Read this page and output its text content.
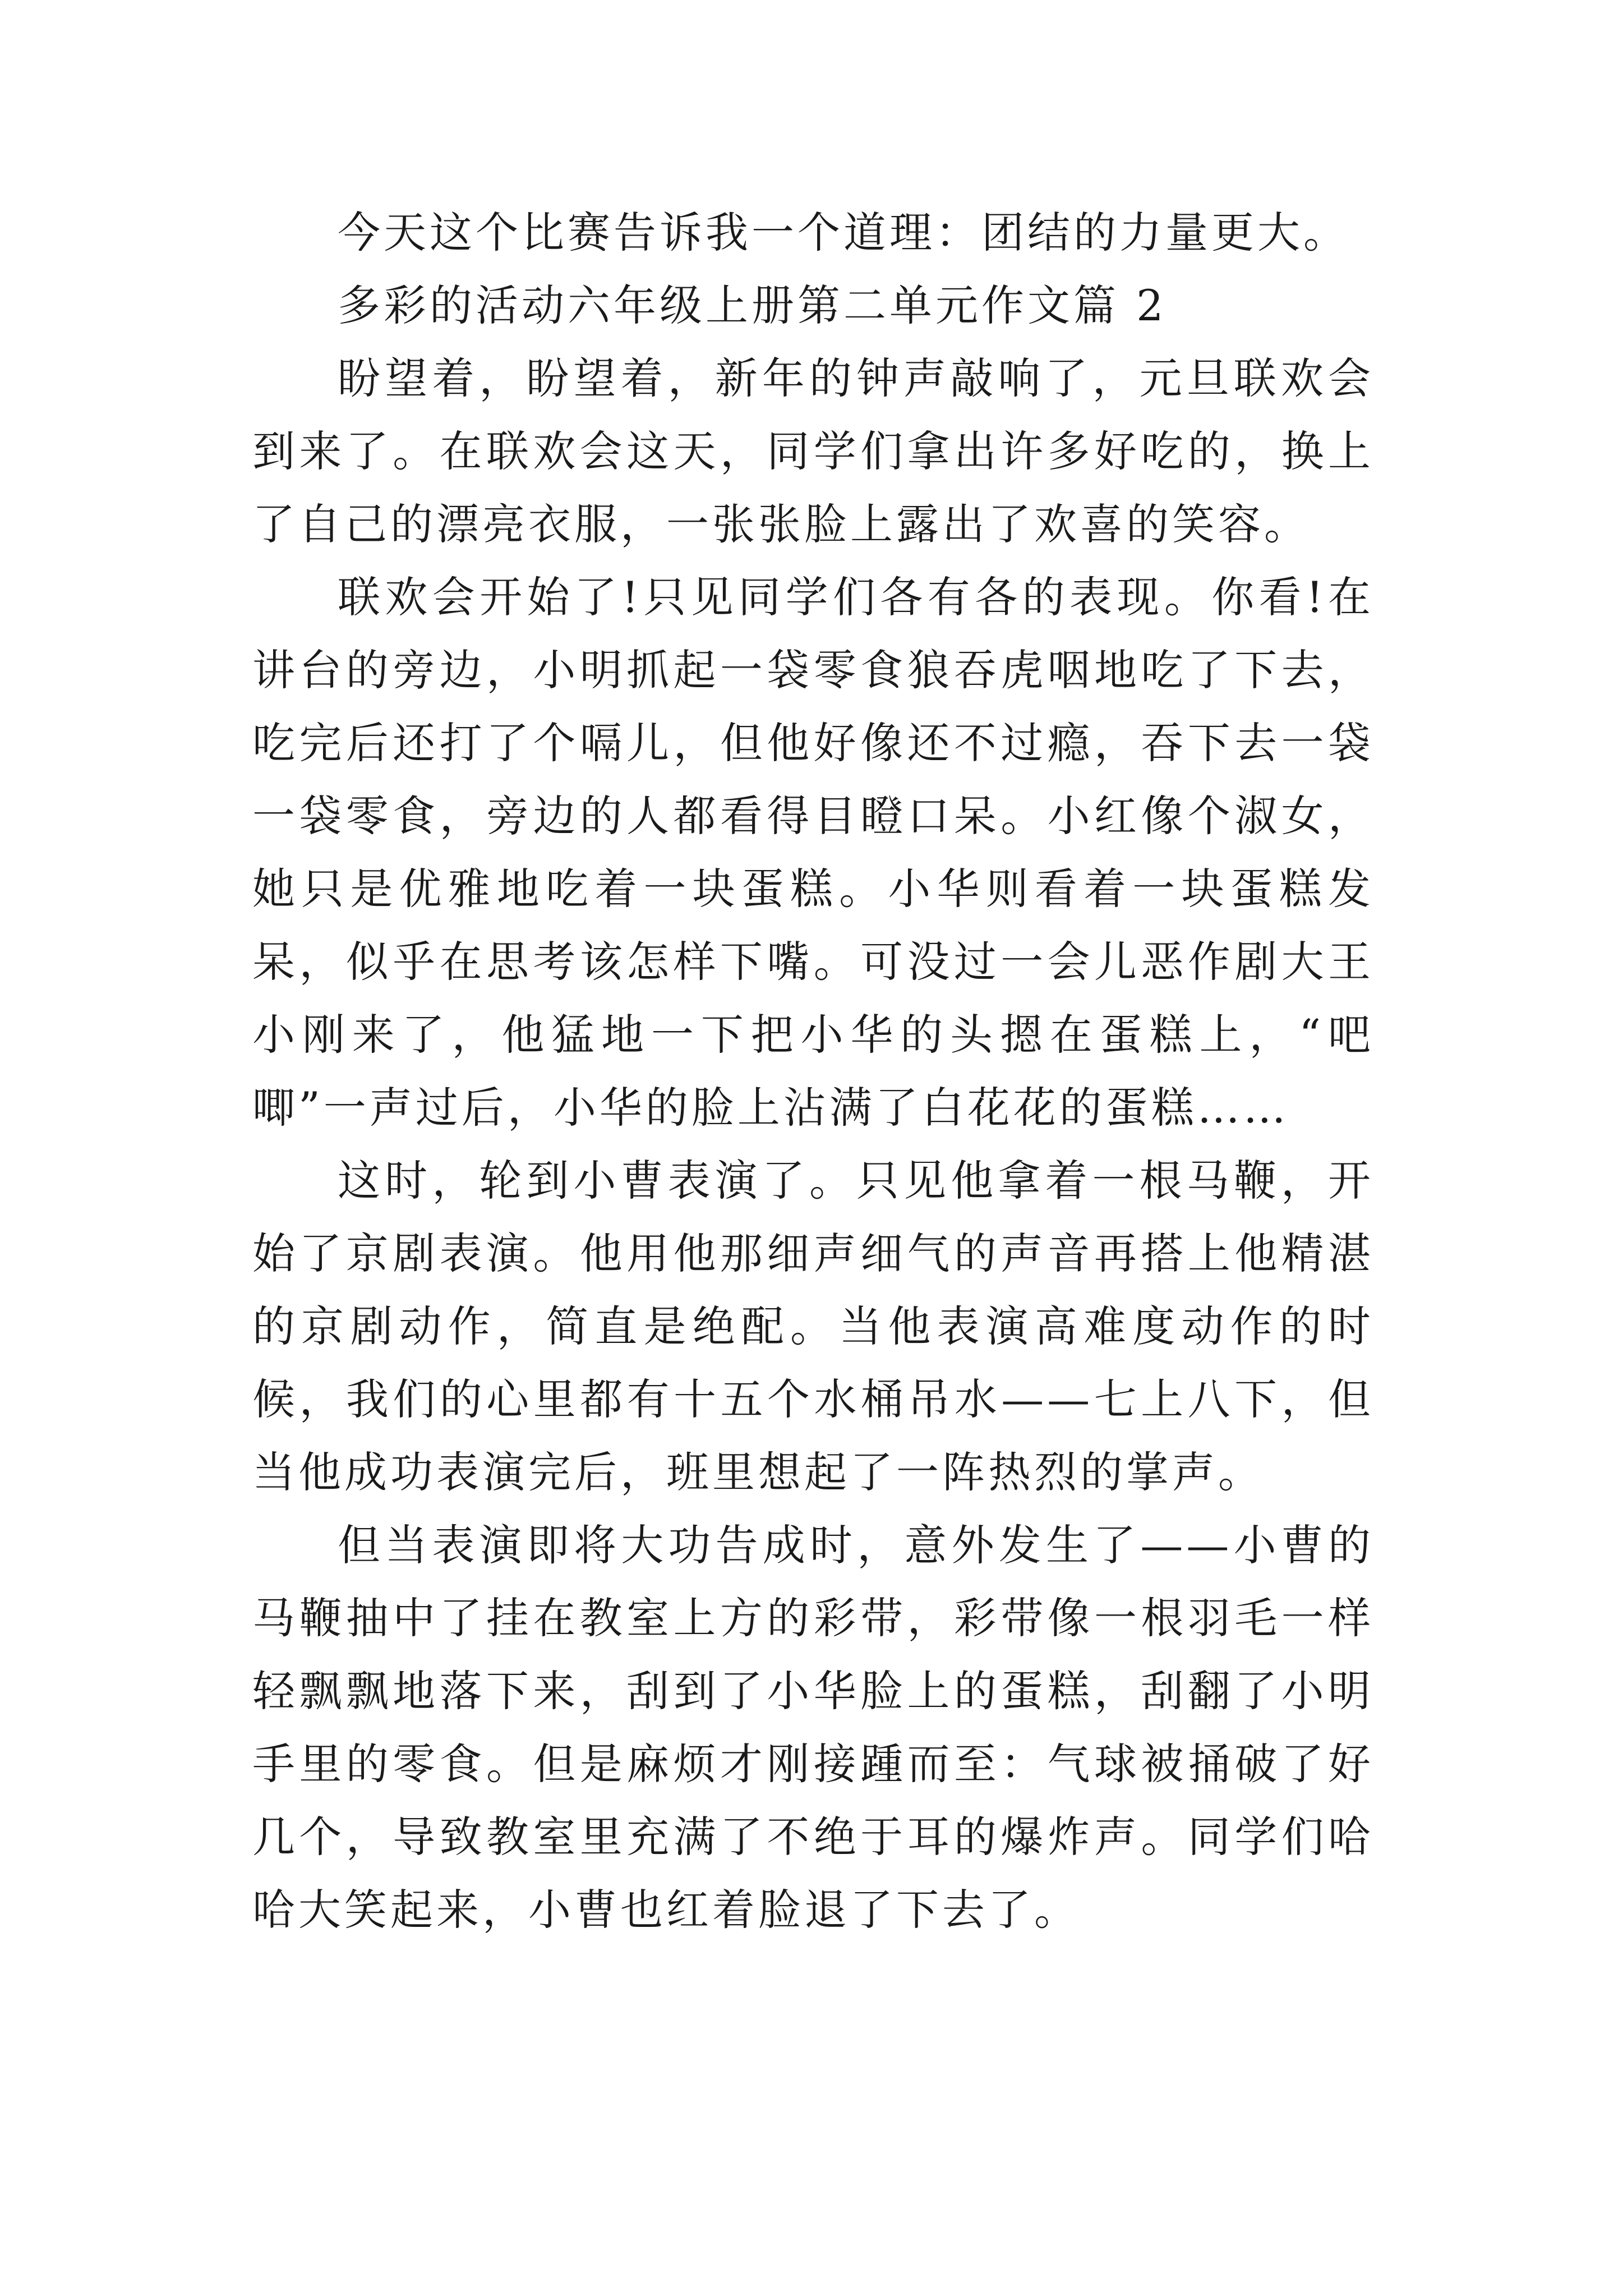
今天这个比赛告诉我一个道理：团结的力量更大。

多彩的活动六年级上册第二单元作文篇 2

盼望着，盼望着，新年的钟声敲响了，元旦联欢会到来了。在联欢会这天，同学们拿出许多好吃的，换上了自己的漂亮衣服，一张张脸上露出了欢喜的笑容。

联欢会开始了!只见同学们各有各的表现。你看!在讲台的旁边，小明抓起一袋零食狼吞虎咽地吃了下去，吃完后还打了个嗝儿，但他好像还不过瘾，吞下去一袋一袋零食，旁边的人都看得目瞪口呆。小红像个淑女，她只是优雅地吃着一块蛋糕。小华则看着一块蛋糕发呆，似乎在思考该怎样下嘴。可没过一会儿恶作剧大王小刚来了，他猛地一下把小华的头摁在蛋糕上，“吧唧”一声过后，小华的脸上沾满了白花花的蛋糕……

这时，轮到小曹表演了。只见他拿着一根马鞭，开始了京剧表演。他用他那细声细气的声音再搭上他精湛的京剧动作，简直是绝配。当他表演高难度动作的时候，我们的心里都有十五个水桶吊水——七上八下，但当他成功表演完后，班里想起了一阵热烈的掌声。

但当表演即将大功告成时，意外发生了——小曹的马鞭抽中了挂在教室上方的彩带，彩带像一根羽毛一样轻飘飘地落下来，刮到了小华脸上的蛋糕，刮翻了小明手里的零食。但是麻烦才刚接踵而至：气球被捅破了好几个，导致教室里充满了不绝于耳的爆炸声。同学们哈哈大笑起来，小曹也红着脸退了下去了。
